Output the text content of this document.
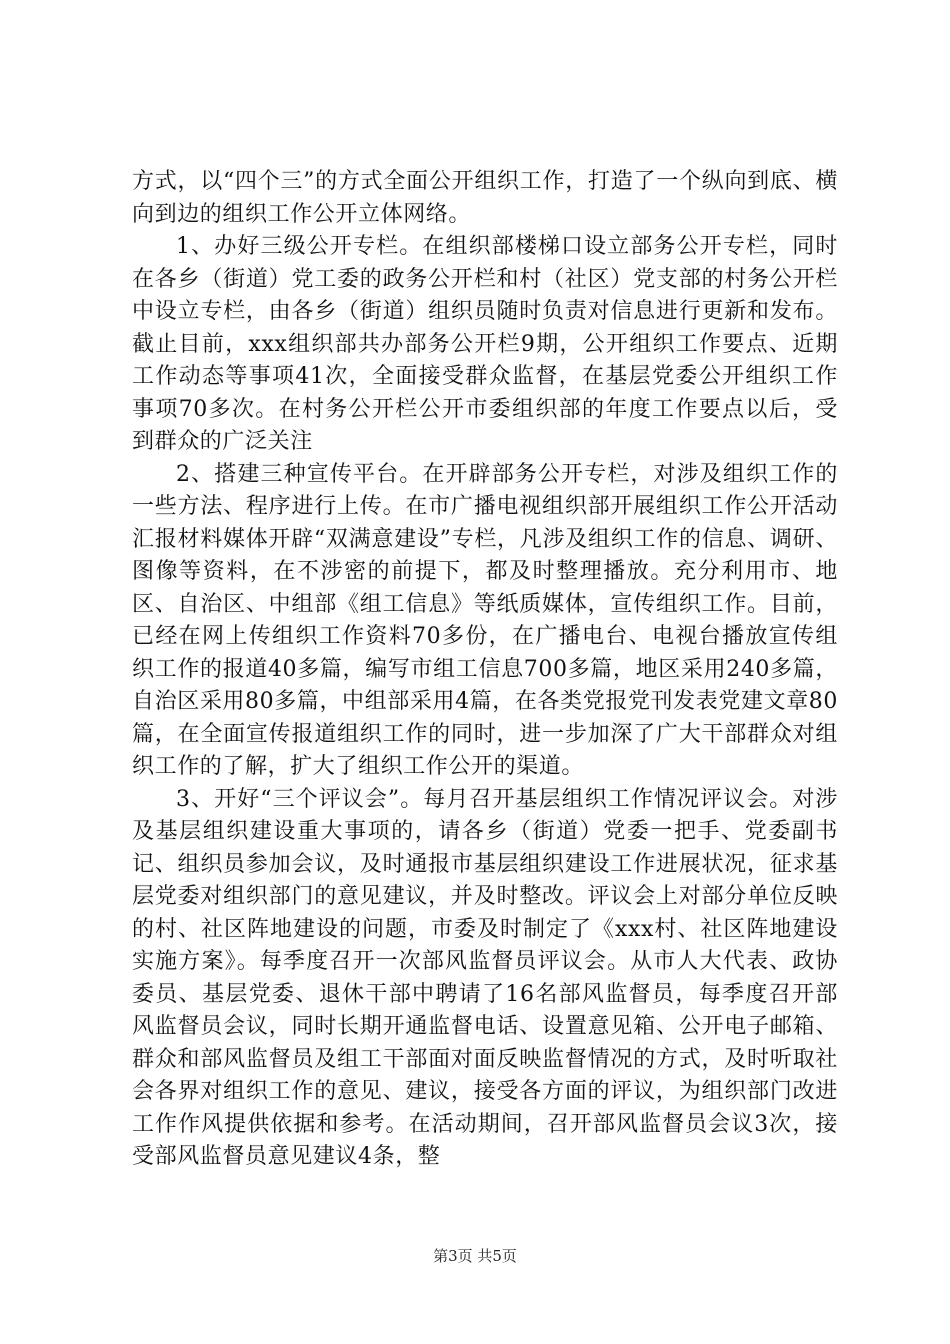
方式，以“四个三”的方式全面公开组织工作，打造了一个纵向到底、横向到边的组织工作公开立体网络。

1、办好三级公开专栏。在组织部楼梯口设立部务公开专栏，同时在各乡（街道）党工委的政务公开栏和村（社区）党支部的村务公开栏中设立专栏，由各乡（街道）组织员随时负责对信息进行更新和发布。截止目前，xxx组织部共办部务公开栏9期，公开组织工作要点、近期工作动态等事项41次，全面接受群众监督，在基层党委公开组织工作事项70多次。在村务公开栏公开市委组织部的年度工作要点以后，受到群众的广泛关注

2、搭建三种宣传平台。在开辟部务公开专栏，对涉及组织工作的一些方法、程序进行上传。在市广播电视组织部开展组织工作公开活动汇报材料媒体开辟“双满意建设”专栏，凡涉及组织工作的信息、调研、图像等资料，在不涉密的前提下，都及时整理播放。充分利用市、地区、自治区、中组部《组工信息》等纸质媒体，宣传组织工作。目前，已经在网上传组织工作资料70多份，在广播电台、电视台播放宣传组织工作的报道40多篇，编写市组工信息700多篇，地区采用240多篇，自治区采用80多篇，中组部采用4篇，在各类党报党刊发表党建文章80篇，在全面宣传报道组织工作的同时，进一步加深了广大干部群众对组织工作的了解，扩大了组织工作公开的渠道。

3、开好“三个评议会”。每月召开基层组织工作情况评议会。对涉及基层组织建设重大事项的，请各乡（街道）党委一把手、党委副书记、组织员参加会议，及时通报市基层组织建设工作进展状况，征求基层党委对组织部门的意见建议，并及时整改。评议会上对部分单位反映的村、社区阵地建设的问题，市委及时制定了《xxx村、社区阵地建设实施方案》。每季度召开一次部风监督员评议会。从市人大代表、政协委员、基层党委、退休干部中聘请了16名部风监督员，每季度召开部风监督员会议，同时长期开通监督电话、设置意见箱、公开电子邮箱、群众和部风监督员及组工干部面对面反映监督情况的方式，及时听取社会各界对组织工作的意见、建议，接受各方面的评议，为组织部门改进工作作风提供依据和参考。在活动期间，召开部风监督员会议3次，接受部风监督员意见建议4条，整

第3页 共5页
